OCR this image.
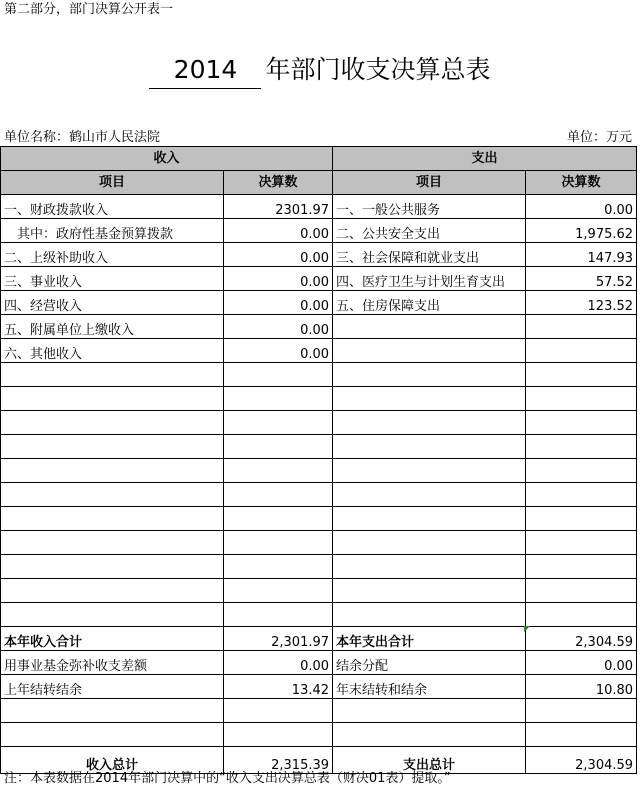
第二部分，部门决算公开表一
2014 年部门收支决算总表
单位名称：鹤山市人民法院	单位：万元
收入		支出	
项目	决算数	项目	决算数
一、财政拨款收入	2301.97	一、一般公共服务	0.00
　其中：政府性基金预算拨款	0.00	二、公共安全支出	1,975.62
二、上级补助收入	0.00	三、社会保障和就业支出	147.93
三、事业收入	0.00	四、医疗卫生与计划生育支出	57.52
四、经营收入	0.00	五、住房保障支出	123.52
五、附属单位上缴收入	0.00		
六、其他收入	0.00		

本年收入合计	2,301.97	本年支出合计	2,304.59
用事业基金弥补收支差额	0.00	结余分配	0.00
上年结转结余	13.42	年末结转和结余	10.80

收入总计	2,315.39	支出总计	2,304.59
注：本表数据在2014年部门决算中的“收入支出决算总表（财决01表）提取。”
